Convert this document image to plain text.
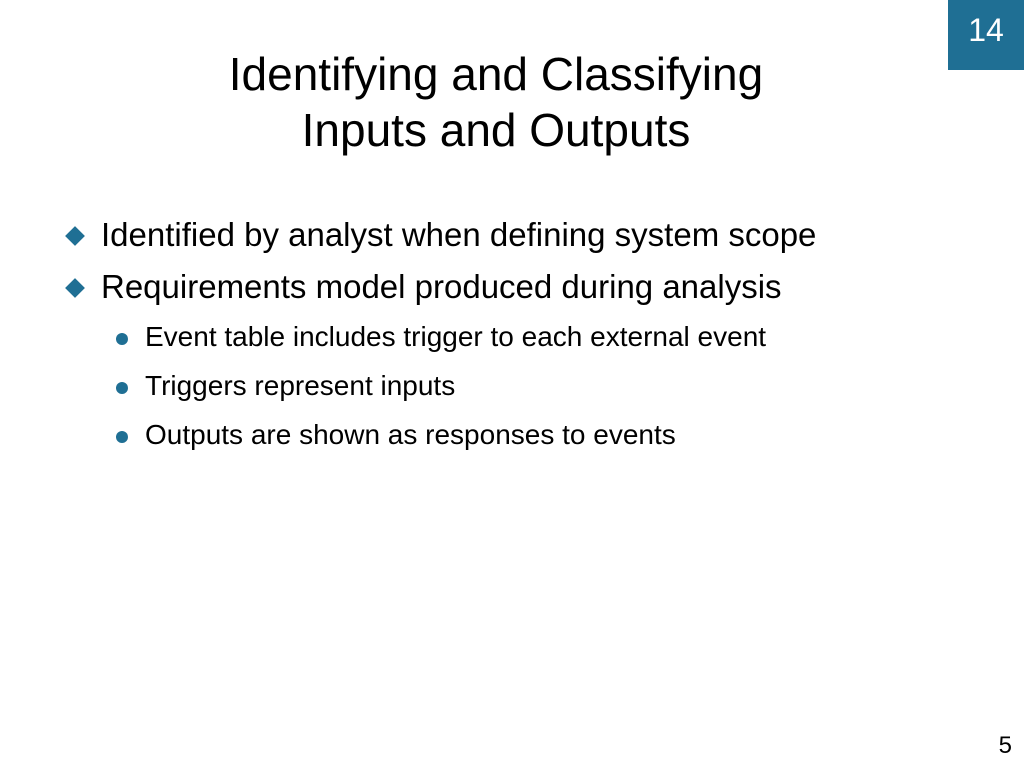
14
Identifying and Classifying
Inputs and Outputs
Identified by analyst when defining system scope
Requirements model produced during analysis
Event table includes trigger to each external event
Triggers represent inputs
Outputs are shown as responses to events
5
